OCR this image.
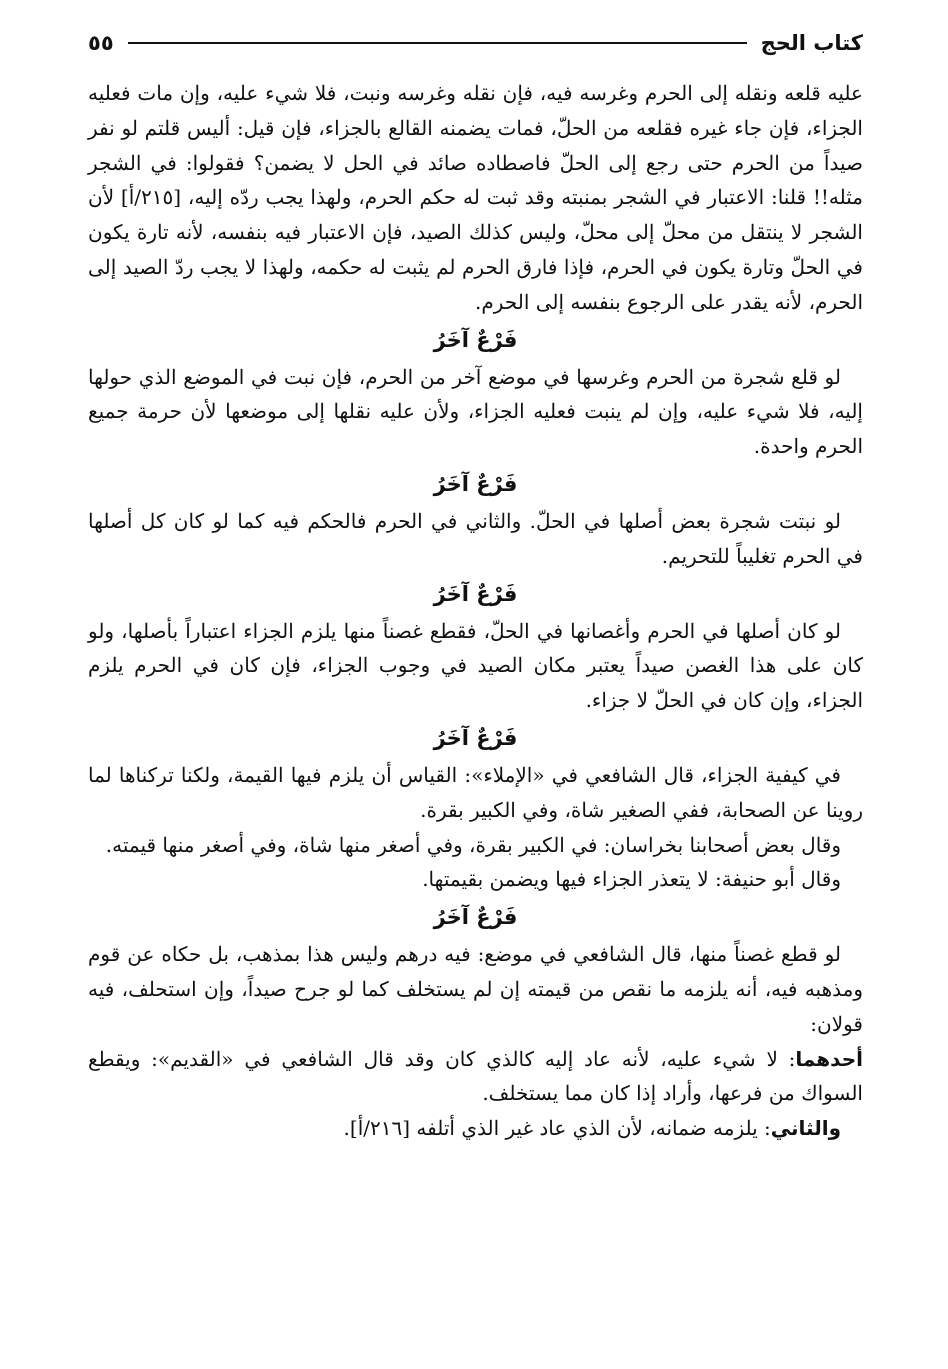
كتاب الحج
٥٥

عليه قلعه ونقله إلى الحرم وغرسه فيه، فإن نقله وغرسه ونبت، فلا شيء عليه، وإن مات فعليه الجزاء، فإن جاء غيره فقلعه من الحلّ، فمات يضمنه القالع بالجزاء، فإن قيل: أليس قلتم لو نفر صيداً من الحرم حتى رجع إلى الحلّ فاصطاده صائد في الحل لا يضمن؟ فقولوا: في الشجر مثله!! قلنا: الاعتبار في الشجر بمنبته وقد ثبت له حكم الحرم، ولهذا يجب ردّه إليه، [٢١٥/أ] لأن الشجر لا ينتقل من محلّ إلى محلّ، وليس كذلك الصيد، فإن الاعتبار فيه بنفسه، لأنه تارة يكون في الحلّ وتارة يكون في الحرم، فإذا فارق الحرم لم يثبت له حكمه، ولهذا لا يجب ردّ الصيد إلى الحرم، لأنه يقدر على الرجوع بنفسه إلى الحرم.

فَرْعٌ آخَرُ

لو قلع شجرة من الحرم وغرسها في موضع آخر من الحرم، فإن نبت في الموضع الذي حولها إليه، فلا شيء عليه، وإن لم ينبت فعليه الجزاء، ولأن عليه نقلها إلى موضعها لأن حرمة جميع الحرم واحدة.

فَرْعٌ آخَرُ

لو نبتت شجرة بعض أصلها في الحلّ. والثاني في الحرم فالحكم فيه كما لو كان كل أصلها في الحرم تغليباً للتحريم.

فَرْعٌ آخَرُ

لو كان أصلها في الحرم وأغصانها في الحلّ، فقطع غصناً منها يلزم الجزاء اعتباراً بأصلها، ولو كان على هذا الغصن صيداً يعتبر مكان الصيد في وجوب الجزاء، فإن كان في الحرم يلزم الجزاء، وإن كان في الحلّ لا جزاء.

فَرْعٌ آخَرُ

في كيفية الجزاء، قال الشافعي في «الإملاء»: القياس أن يلزم فيها القيمة، ولكنا تركناها لما روينا عن الصحابة، ففي الصغير شاة، وفي الكبير بقرة.

وقال بعض أصحابنا بخراسان: في الكبير بقرة، وفي أصغر منها شاة، وفي أصغر منها قيمته.

وقال أبو حنيفة: لا يتعذر الجزاء فيها ويضمن بقيمتها.

فَرْعٌ آخَرُ

لو قطع غصناً منها، قال الشافعي في موضع: فيه درهم وليس هذا بمذهب، بل حكاه عن قوم ومذهبه فيه، أنه يلزمه ما نقص من قيمته إن لم يستخلف كما لو جرح صيداً، وإن استحلف، فيه قولان:

أحدهما: لا شيء عليه، لأنه عاد إليه كالذي كان وقد قال الشافعي في «القديم»: ويقطع السواك من فرعها، وأراد إذا كان مما يستخلف.

والثاني: يلزمه ضمانه، لأن الذي عاد غير الذي أتلفه [٢١٦/أ].
